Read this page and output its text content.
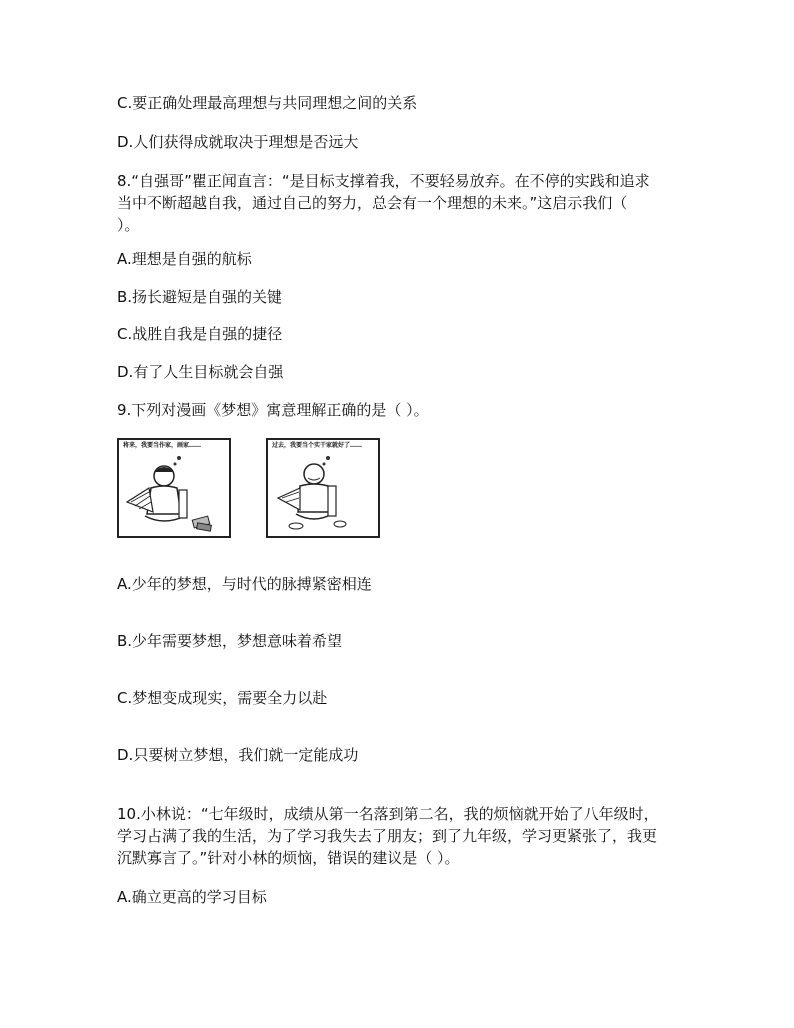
C.要正确处理最高理想与共同理想之间的关系
D.人们获得成就取决于理想是否远大
8.“自强哥”瞿正闻直言：“是目标支撑着我，不要轻易放弃。在不停的实践和追求
当中不断超越自我，通过自己的努力，总会有一个理想的未来。”这启示我们（
）。
A.理想是自强的航标
B.扬长避短是自强的关键
C.战胜自我是自强的捷径
D.有了人生目标就会自强
9.下列对漫画《梦想》寓意理解正确的是（ ）。
将来，我要当作家，画家……	过去，我要当个实干家就好了……
A.少年的梦想，与时代的脉搏紧密相连
B.少年需要梦想，梦想意味着希望
C.梦想变成现实，需要全力以赴
D.只要树立梦想，我们就一定能成功
10.小林说：“七年级时，成绩从第一名落到第二名，我的烦恼就开始了八年级时，
学习占满了我的生活，为了学习我失去了朋友；到了九年级，学习更紧张了，我更
沉默寡言了。”针对小林的烦恼，错误的建议是（ ）。
A.确立更高的学习目标
